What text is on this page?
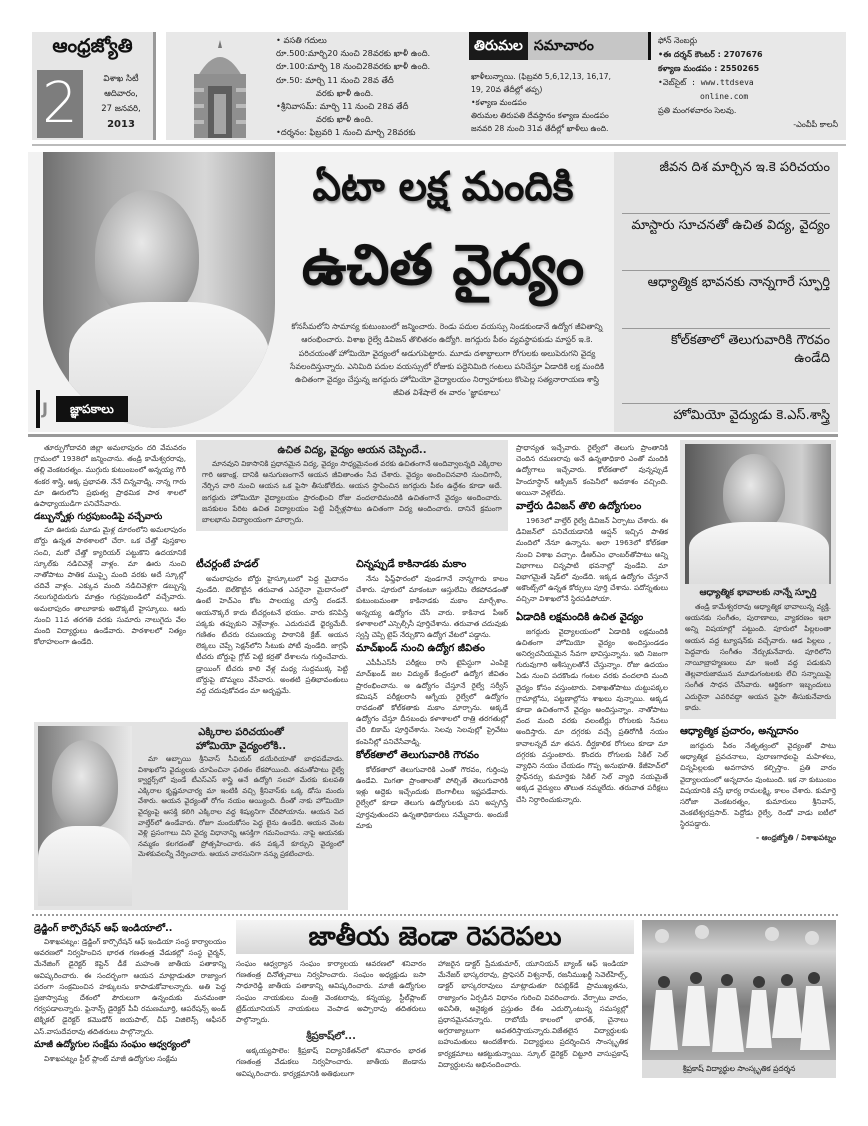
ఆంధ్రజ్యోతి
2	విశాఖ సిటీ
ఆదివారం,
27 జనవరి,
2013
• వసతి గదులు
రూ.500:మార్చి20 నుంచి 28వరకు ఖాళీ ఉంది.
రూ.100:మార్చి 18 నుంచి28వరకు ఖాళీ ఉంది.
రూ.50: మార్చి 11 నుంచి 28వ తేదీ
వరకు ఖాళీ ఉంది.
•శ్రీనివాసమ్: మార్చి 11 నుంచి 28వ తేదీ
వరకు ఖాళీ ఉంది.
•దర్శనం: ఫిబ్రవరి 1 నుంచి మార్చి 28వరకు
తిరుమల సమాచారం
ఖాళీలున్నాయి. (ఫిబ్రవరి 5,6,12,13, 16,17,
19, 20వ తేదీల్లో తప్ప)
•కళ్యాణ మండపం
తిరుమల తిరుపతి దేవస్థానం కళ్యాణ మండపం
జనవరి 28 నుంచి 31వ తేదీల్లో ఖాళీలు ఉంది.
ఫోన్ నెంబర్లు
•ఈ దర్శన్ కౌంటర్ : 2707676
కళ్యాణ మండపం : 2550265
•వెబ్‌సైట్ : www.ttdseva
online.com
ప్రతి మంగళవారం సెలవు.
-ఎంవీపీ కాలనీ
J	జ్ఞాపకాలు
ఏటా లక్ష మందికి
ఉచిత వైద్యం
కోనసీమలోని సామాన్య కుటుంబంలో జన్మించారు. రెండు పదుల వయస్సు నిండకుండానే ఉద్యోగ జీవితాన్ని ఆరంభించారు. విశాఖ రైల్వే డివిజన్ తొలితరం ఉద్యోగి. జగద్గురు పీఠం వ్యవస్థాపకుడు మాస్టర్ ఇ.కె. పరిచయంతో హోమియో వైద్యంలో అడుగుపెట్టారు. మూడు దశాబ్దాలుగా రోగులకు అలుపెరుగని వైద్య సేవలందిస్తున్నారు. ఎనిమిది పదుల వయస్సులో రోజుకు పద్దెనిమిది గంటలు పనిచేస్తూ ఏడాదికి లక్ష మందికి ఉచితంగా వైద్యం చేస్తున్న జగద్గురు హోమియో వైద్యాలయం నిర్వాహకులు కొంపెల్ల సత్యనారాయణ శాస్త్రి జీవిత విశేషాలే ఈ వారం 'జ్ఞాపకాలు'
జీవన దిశ మార్చిన ఇ.కె పరిచయం
మాస్టారు సూచనతో ఉచిత విద్య, వైద్యం
ఆధ్యాత్మిక భావనకు నాన్నగారే స్ఫూర్తి
కోల్‌కతాలో తెలుగువారికి గౌరవం ఉండేది
హోమియో వైద్యుడు కె.ఎస్.శాస్త్రి

తూర్పుగోదావరి జిల్లా అమలాపురం దరి వేమవరం గ్రామంలో 1938లో జన్మించాను. తండ్రి కామేశ్వరరావు, తల్లి వెంకటరత్నం. ముగ్గురు కుటుంబంలో అన్నయ్య గౌరీ శంకర శాస్త్రి, అక్క ప్రభావతి. నేనే చిన్నవాడ్ని. నాన్న గారు మా ఊరులోని ప్రభుత్వ ప్రాథమిక పాఠ శాలలో ఉపాధ్యాయుడిగా పనిచేసేవారు.

డబ్బున్నోళ్లు గుర్రపుబండిపై వచ్చేవారు

మా ఊరుకు మూడు మైళ్ల దూరంలోని అమలాపురం బోర్డు ఉన్నత పాఠశాలలో చేరా. ఒక చేత్తో పుస్తకాల సంచి, మరో చేత్తో క్యారియర్ పట్టుకొని ఉదయానికే స్కూల్‌కు నడిచివెళ్లే వాళ్లం. మా ఊరు నుంచి నాతోపాటు పాతిక ముప్ఫై మంది వరకు అదే స్కూల్లో చదివే వాళ్లం. ఎక్కువ మంది నడిచివెళ్లగా డబ్బున్న నలుగురైదురుగు మాత్రం గుర్రపుబండిలో వచ్చేవారు. అమలాపురం తాలూకాకు అదొక్కటే హైస్కూలు. ఆరు నుంచి 11వ తరగతి వరకు సుమారు నాలుగైదు వేల మంది విద్యార్థులు ఉండేవారు. పాఠశాలలో నిత్యం కోలాహలంగా ఉండేది.

ఉచిత విద్య, వైద్యం ఆయన చెప్పిందే..
మానవుని వికాసానికి ప్రధానమైన విద్య, వైద్యం సాధ్యమైనంత వరకు ఉచితంగానే అందివ్వాలన్నది ఎక్కిరాల గారి ఆకాంక్ష. దానికి అనుగుణంగానే ఆయన జీవితాంతం సేవ చేశారు. వైద్యం అందించినవారి నుంచిగానీ, నేర్పిన వారి నుంచి ఆయన ఒక పైసా తీసుకోలేదు. ఆయన స్థాపించిన జగద్గురు పీఠం ఉద్దేశం కూడా అదే. జగద్గురు హోమియో వైద్యాలయం ప్రారంభించి రోజు వందలాదిమందికి ఉచితంగానే వైద్యం అందించారు. జనకులం పేరిట ఉచిత విద్యాలయం పెట్టి ఏర్పేళ్లపాటు ఉచితంగా విద్య అందించారు. దానినే క్రమంగా బాలభాను విద్యాలయంగా మార్చారు.
టీచర్లంటే హడల్

అమలాపురం బోర్డు హైస్కూలులో పెద్ద మైదానం వుండేది. బెల్‌కొట్టిన తరువాత ఎవరైనా మైదానంలో ఉంటే హెచ్‌ఎం కోట పాలయ్య చూస్తే దండనే. ఆయనొక్కరే కాదు టీచర్లంటనే భయం. వారు కనిపిస్తే పక్కకు తప్పుకుని వెళ్లేవాళ్లం. ఎదురుపడే ధైర్యమేదీ. గణితం టీచరు రమణయ్య పాఠానికి క్రేజ్. ఆయన లెక్కలు చెప్పే సెక్షన్‌లోని సీటుకు పోటీ వుండేది. జాగ్రఫీ టీచరు బోర్డుపై గ్లోబ్ పెట్టి కర్రతో దేశాలను గుర్తించేవారు. డ్రాయింగ్ టీచరు కాలి వేళ్ల మధ్య సుద్దముక్క పెట్టి బోర్డుపై బొమ్మలు వేసేవారు. అంతటి ప్రతిభావంతులు వద్ద చదువుకోవడం మా అదృష్టమే.

చిన్నప్పుడే కాకినాడకు మకాం

నేను ఫిఫ్త్‌ఫారంలో వుండగానే నాన్నగారు కాలం చేశారు. పూరులో మాకంటూ ఆస్తులేమి లేకపోవడంతో కుటుంబమంతా కాకినాడకు మకాం మార్చేశాం. అన్నయ్య ఉద్యోగం చేసే వారు. కాకినాడ పీఆర్ కళాశాలలో ఎస్సెల్సీసీ పూర్తిచేశాను. తరువాత చదువుకు స్వస్తి చెప్పి టైప్ నేర్చుకొని ఉద్యోగ వేటలో పడ్డాను.

మాచ్‌ఖండ్ నుంచి ఉద్యోగ జీవితం

ఎపీపీఎస్‌సీ పరీక్షలు రాసి టైపిస్టుగా ఎంపికై మాచ్‌ఖండ్ జల విద్యుత్ కేంద్రంలో ఉద్యోగ జీవితం ప్రారంభించాను. ఆ ఉద్యోగం చేస్తూనే రైల్వే సర్వీస్ కమిషన్ పరీక్షలరాసి ఆగ్నేయ రైల్వేలో ఉద్యోగం రావడంతో కోల్‌కతాకు మకాం మార్చాను. అక్కడే ఉద్యోగం చేస్తూ దీనబంధు కళాశాలలో రాత్రి తరగతుల్లో చేరి బికామ్ పూర్తిచేశాను. సెలవు సెలవుల్లో ప్రైవేటు కంపెనీల్లో పనిచేసేవాడ్ని.

కోల్‌కతాలో తెలుగువారికి గౌరవం

కోల్‌కతాలో తెలుగువారికి ఎంతో గౌరవం, గుర్తింపు ఉండేవి. మిగతా ప్రాంతాలతో పోల్చితే తెలుగువారికి ఇళ్లు అద్దెకు ఇచ్చేందుకు బెంగాలీలు ఇష్టపడేవారు. రైల్వేలో కూడా తెలుగు ఉద్యోగులకు పని అప్పగిస్తే పూర్తవుతుందని ఉన్నతాధికారులు నమ్మేవారు. అందుకే మాకు

ప్రాధాన్యత ఇచ్చేవారు. రైల్వేలో తెలుగు ప్రాంతానికి చెందిన రమణరావు అనే ఉన్నతాధికారి ఎంతో మందికి ఉద్యోగాలు ఇచ్చేవారు. కోల్‌కతాలో వున్నప్పుడే హిందూస్థాన్ ఆక్సిజన్ కంపెనీలో అవకాశం వచ్చింది. అయినా వెళ్లలేదు.

వాల్తేరు డివిజన్ తొలి ఉద్యోగులం

1963లో వాల్తేర్ రైల్వే డివిజన్ ఏర్పాటు చేశారు. ఈ డివిజన్‌లో పనిచేయడానికి ఆప్షన్ ఇచ్చిన పాతిక మందిలో నేనూ ఉన్నాను. అలా 1963లో కోల్‌కతా నుంచి విశాఖ వచ్చాం. డీఆర్‌ఎం ఛాంబర్‌తోపాటు అన్ని విభాగాలు చిన్నపాటి భవనాల్లో వుండేవి. మా విభాగమైతే షెడ్‌లో వుండేది. ఇక్కడ ఉద్యోగం చేస్తూనే అకౌంట్స్‌లో ఉన్నత కోర్సులు పూర్తి చేశాను. పదోన్నతులు వచ్చినా విశాఖలోనే స్థిరపడిపోయా.

ఏడాదికి లక్షమందికి ఉచిత వైద్యం

జగద్గురు వైద్యాలయంలో ఏడాదికి లక్షమందికి ఉచితంగా హోమియో వైద్యం అందిస్తుండడం అనిర్వచనీయమైన సేవగా భావిస్తున్నాను. ఇది నిజంగా గురువుగారి ఆశీస్సులతోనే చేస్తున్నాం. రోజు ఉదయం ఏడు నుంచి పదకొండు గంటల వరకు వందలాది మంది వైద్యం కోసం వస్తుంటారు. విశాఖతోపాటు చుట్టుపక్కల గ్రామాల్లోను, పట్టణాల్లోను శాఖలు వున్నాయి. అక్కడ కూడా ఉచితంగానే వైద్యం అందిస్తున్నాం. నాతోపాటు వంద మంది వరకు వలంటీర్లు రోగులకు సేవలు అందిస్తారు. మా దగ్గరకు వచ్చే ప్రతిరోగికీ నయం కావాలన్నదే మా తపన. దీర్ఘకాలిక రోగులు కూడా మా దగ్గరకు వస్తుంటారు. కొందరు రోగులకు సికిల్ సెల్ వ్యాధిని నయం చేయడం గొప్ప అనుభూతి. కేజీహెచ్‌లో స్టాఫ్‌నర్సు కుమార్తెకు సికిల్ సెల్ వ్యాధి నయమైతే అక్కడ వైద్యులు తొలుత నమ్మలేదు. తరువాత పరీక్షలు చేసి నిర్ధారించుకున్నారు.

ఆధ్యాత్మిక భావాలకు నాన్నే స్ఫూర్తి
తండ్రి కామేశ్వరరావు ఆధ్యాత్మిక భావాలున్న వ్యక్తి. ఆయనకు సంగీతం, పురాణాలు, వ్యాకరణం ఇలా అన్ని విషయాల్లో పట్టుంది. పూరులో పిల్లలంతా ఆయన వద్ద ట్యూషన్‌కు వచ్చేవారు. ఆడ పిల్లలు , పెద్దవారు సంగీతం నేర్చుకునేవారు. పూరిలోని నాయీబ్రాహ్మణులు మా ఇంటి వద్ద పడుకుని తెల్లవారుజామున మూడుగంటలకు లేచి సన్నాయిపై సంగీత సాధన చేసేవారు. ఆర్థికంగా ఇబ్బందులు ఎదురైనా ఎవరివద్దా ఆయన పైసా తీసుకునేవారు కాదు.
ఆధ్యాత్మిక ప్రచారం, అన్నదానం

జగద్గురు పీఠం నేతృత్వంలో వైద్యంతో పాటు ఆధ్యాత్మిక ప్రవచనాలు, పురాణగాథలపై మహిళలు, చిన్నపిల్లలకు అవగాహన కల్పిస్తాం. ప్రతి వారం వైద్యాలయంలో అన్నదానం వుంటుంది. ఇక నా కుటుంబం విషయానికి వస్తే భార్య రామలక్ష్మి, కాలం చేశారు. కుమార్తె సరోజా వెంకటరత్నం, కుమారులు శ్రీనివాస్, వెంకటేశ్వరప్రసాద్. పెద్దోడు రైల్వే, రెండో వాడు ఐటీలో స్థిరపడ్డారు.

- ఆంధ్రజ్యోతి / విశాఖపట్నం
ఎక్కిరాల పరిచయంతో
హోమియో వైద్యంలోకి..
మా అబ్బాయి శ్రీనివాస్ సీవియర్ డయేరియాతో బాధపడేవాడు. విశాఖలోని వైద్యులకు చూపించినా ఫలితం లేకపోయింది. తమతోపాటు రైల్వే క్వార్టర్స్‌లో వుండే టీఎస్ఎస్ శాస్త్రి అనే ఉద్యోగి సలహా మేరకు కులపతి ఎక్కిరాల కృష్ణమాచార్య మా ఇంటికి వచ్చి శ్రీనివాస్‌కు ఒక్క డోసు మందు వేశారు. ఆయన వైద్యంతో రోగం నయం అయ్యింది. దీంతో నాకు హోమియో వైద్యంపై ఆసక్తి కలిగి ఎక్కిరాల వద్ద శిష్యునిగా చేరిపోయాను. ఆయన పెద వాల్తేర్‌లో ఉండేవారు. రోజూ మందుకోసం పెద్ద లైను ఉండేది. ఆయన వెంట వెళ్లి ప్రసంగాలు విని వైద్య విధానాన్ని ఆసక్తిగా గమనించాను. నాపై ఆయనకు నమ్మకం కలగడంతో ప్రోత్సహించారు. తన పక్కనే కూర్చుని వైద్యంలో మెళకువలన్నీ నేర్పించారు. ఆయన వారసునిగా నన్ను ప్రకటించారు.
డ్రెడ్జింగ్ కార్పొరేషన్ ఆఫ్ ఇండియాలో..

విశాఖపట్నం: డ్రెడ్జింగ్ కార్పొరేషన్ ఆఫ్ ఇండియా సంస్థ కార్యాలయం ఆవరణలో నిర్వహించిన భారత గణతంత్ర వేడుకల్లో సంస్థ చైర్మన్, మేనేజింగ్ డైరెక్టర్ కెప్టెన్ డీకే మహంతి జాతీయ పతాకాన్ని ఆవిష్కరించారు. ఈ సందర్భంగా ఆయన మాట్లాడుతూ రాజ్యాంగ పరంగా సంక్రమించిన హక్కులను కాపాడుకోవాలన్నారు. అతి పెద్ద ప్రజాస్వామ్య దేశంలో పౌరులుగా ఉన్నందుకు మనమంతా గర్వపడాలన్నారు. ఫైనాన్స్ డైరెక్టర్ పీవీ రమణమూర్తి, ఆపరేషన్స్ అండ్ టెక్నికల్ డైరెక్టర్ కమొడోర్ జయపాల్, చీఫ్ విజిలెన్స్ ఆఫీసర్ ఎస్.వాసుదేవరావు తదితరులు పాల్గొన్నారు.

మాజీ ఉద్యోగుల సంక్షేమ సంఘం ఆధ్వర్యంలో

విశాఖపట్నం స్టీల్ ప్లాంట్ మాజీ ఉద్యోగుల సంక్షేమ

జాతీయ జెండా రెపరెపలు

సంఘం ఆధ్వర్యాన సంఘం కార్యాలయ ఆవరణలో శనివారం గణతంత్ర దినోత్సవాలు నిర్వహించారు. సంఘం అధ్యక్షుడు బసా సాధూరెడ్డి జాతీయ పతాకాన్ని ఆవిష్కరించారు. మాజీ ఉద్యోగుల సంఘం నాయకులు మంత్రి వెంకటరావు, కన్నయ్య, స్టీల్‌ప్లాంట్ ట్రేడ్‌యూనియన్ నాయకులు వెంపాడ అప్పారావు తదితరులు పాల్గొన్నారు.

శ్రీప్రకాష్‌లో...

అక్కయ్యపాలెం: శ్రీప్రకాష్ విద్యానికేతన్‌లో శనివారం భారత గణతంత్ర వేడుకలు నిర్వహించారు. జాతీయ జెండాను ఆవిష్కరించారు. కార్యక్రమానికి అతిథులుగా

హాజరైన డాక్టర్ ప్రేమకుమార్, యూనియన్ బ్యాంక్ ఆఫ్ ఇండియా మేనేజర్ భాస్కరరావు, ప్రొఫెసర్ విశ్వనాథ్, రజనీముఖర్జీ సెవెల్‌హిల్స్, డాక్టర్ భాస్కరరావులు మాట్లాడుతూ రిపబ్లిక్‌డే ప్రాముఖ్యతను, రాజ్యాంగం ఏర్పడిన విధానం గురించి వివరించారు. వేర్పాటు వాదం, అవినీతి, అనైక్యత ప్రస్తుతం దేశం ఎదుర్కొంటున్న సమస్యల్లో ప్రధానమైనవన్నారు. రాబోయే కాలంలో భారత్, చైనాలు అగ్రరాజ్యాలుగా అవతరిస్తాయన్నారు.విజేతలైన విద్యార్థులకు బహుమతులు అందజేశారు. విద్యార్థులు ప్రదర్శించిన సాంస్కృతిక కార్యక్రమాలు ఆకట్టుకున్నాయి. స్కూల్ డైరెక్టర్ చిట్టూరి వాసుప్రకాష్ విద్యార్థులను అభినందించారు.	శ్రీప్రకాష్ విద్యార్థుల సాంస్కృతిక ప్రదర్శన
